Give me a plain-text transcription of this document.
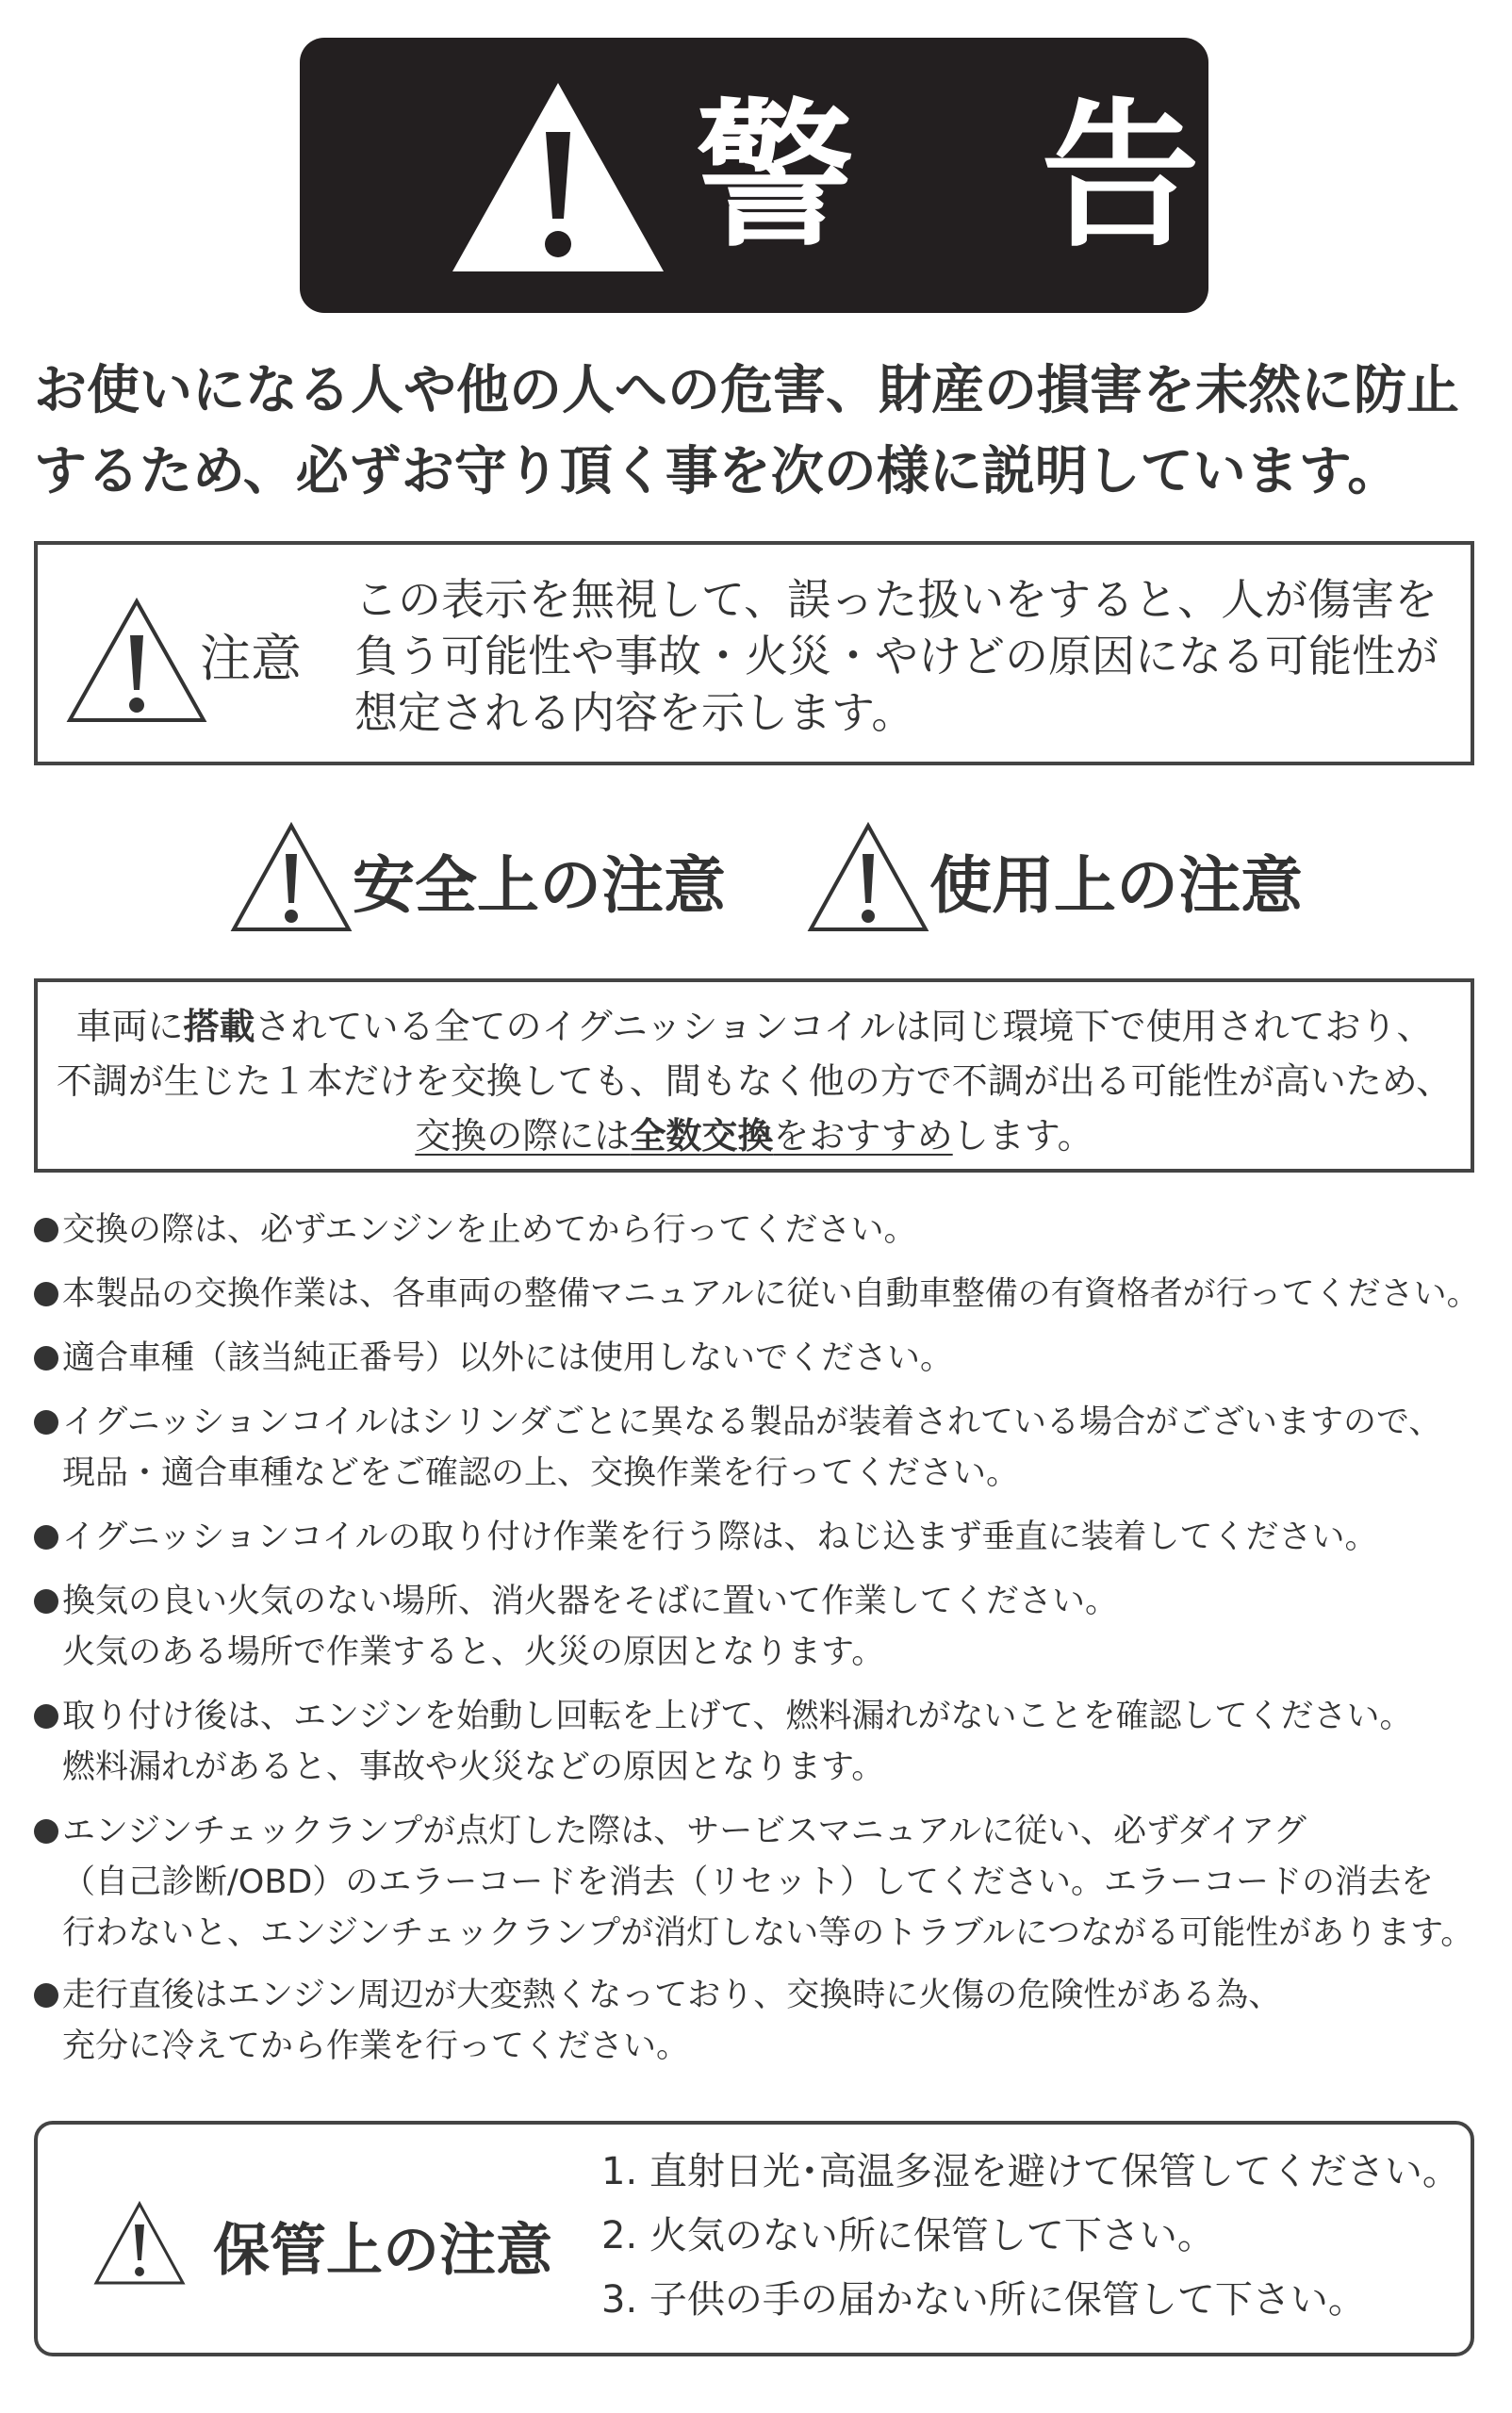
警 告
お使いになる人や他の人への危害、財産の損害を未然に防止
するため、必ずお守り頂く事を次の様に説明しています。
注意
この表示を無視して、誤った扱いをすると、人が傷害を
負う可能性や事故・火災・やけどの原因になる可能性が
想定される内容を示します。
安全上の注意	使用上の注意
車両に搭載されている全てのイグニッションコイルは同じ環境下で使用されており、
不調が生じた１本だけを交換しても、間もなく他の方で不調が出る可能性が高いため、
交換の際には全数交換をおすすめします。
交換の際は、必ずエンジンを止めてから行ってください。
本製品の交換作業は、各車両の整備マニュアルに従い自動車整備の有資格者が行ってください。
適合車種（該当純正番号）以外には使用しないでください。
イグニッションコイルはシリンダごとに異なる製品が装着されている場合がございますので、
現品・適合車種などをご確認の上、交換作業を行ってください。
イグニッションコイルの取り付け作業を行う際は、ねじ込まず垂直に装着してください。
換気の良い火気のない場所、消火器をそばに置いて作業してください。
火気のある場所で作業すると、火災の原因となります。
取り付け後は、エンジンを始動し回転を上げて、燃料漏れがないことを確認してください。
燃料漏れがあると、事故や火災などの原因となります。
エンジンチェックランプが点灯した際は、サービスマニュアルに従い、必ずダイアグ
（自己診断/OBD）のエラーコードを消去（リセット）してください。エラーコードの消去を
行わないと、エンジンチェックランプが消灯しない等のトラブルにつながる可能性があります。
走行直後はエンジン周辺が大変熱くなっており、交換時に火傷の危険性がある為、
充分に冷えてから作業を行ってください。
保管上の注意
1. 直射日光･高温多湿を避けて保管してください。
2. 火気のない所に保管して下さい。
3. 子供の手の届かない所に保管して下さい。
